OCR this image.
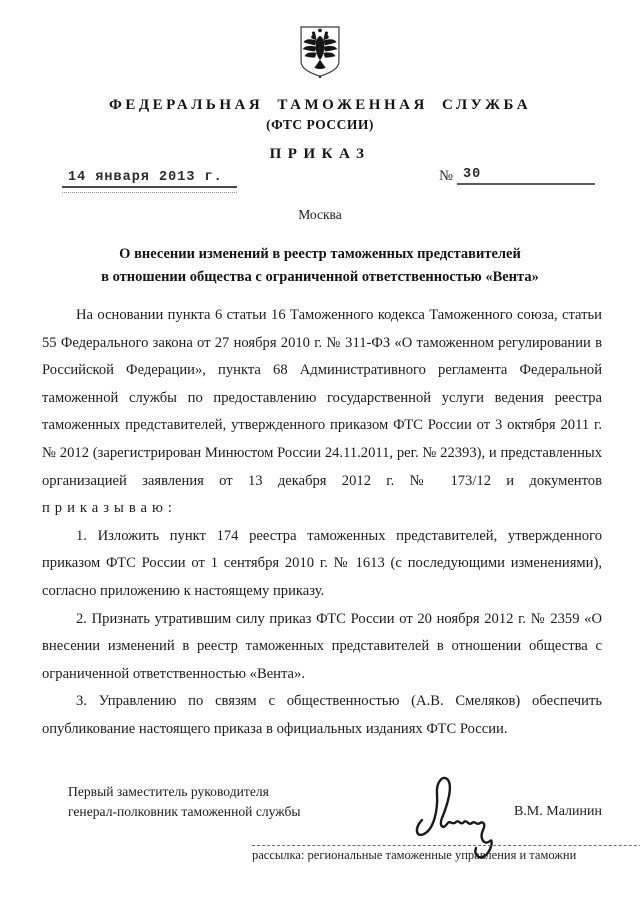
ФЕДЕРАЛЬНАЯ ТАМОЖЕННАЯ СЛУЖБА
(ФТС РОССИИ)
ПРИКАЗ
14 января 2013 г.	№ 30
Москва
О внесении изменений в реестр таможенных представителей
в отношении общества с ограниченной ответственностью «Вента»

На основании пункта 6 статьи 16 Таможенного кодекса Таможенного союза, статьи 55 Федерального закона от 27 ноября 2010 г. № 311-ФЗ «О таможенном регулировании в Российской Федерации», пункта 68 Административного регламента Федеральной таможенной службы по предоставлению государственной услуги ведения реестра таможенных представителей, утвержденного приказом ФТС России от 3 октября 2011 г. № 2012 (зарегистрирован Минюстом России 24.11.2011, рег. № 22393), и представленных организацией заявления от 13 декабря 2012 г. № 173/12 и документов приказываю:

1. Изложить пункт 174 реестра таможенных представителей, утвержденного приказом ФТС России от 1 сентября 2010 г. № 1613 (с последующими изменениями), согласно приложению к настоящему приказу.

2. Признать утратившим силу приказ ФТС России от 20 ноября 2012 г. № 2359 «О внесении изменений в реестр таможенных представителей в отношении общества с ограниченной ответственностью «Вента».

3. Управлению по связям с общественностью (А.В. Смеляков) обеспечить опубликование настоящего приказа в официальных изданиях ФТС России.

Первый заместитель руководителя
генерал-полковник таможенной службы	В.М. Малинин
рассылка: региональные таможенные управления и таможни
